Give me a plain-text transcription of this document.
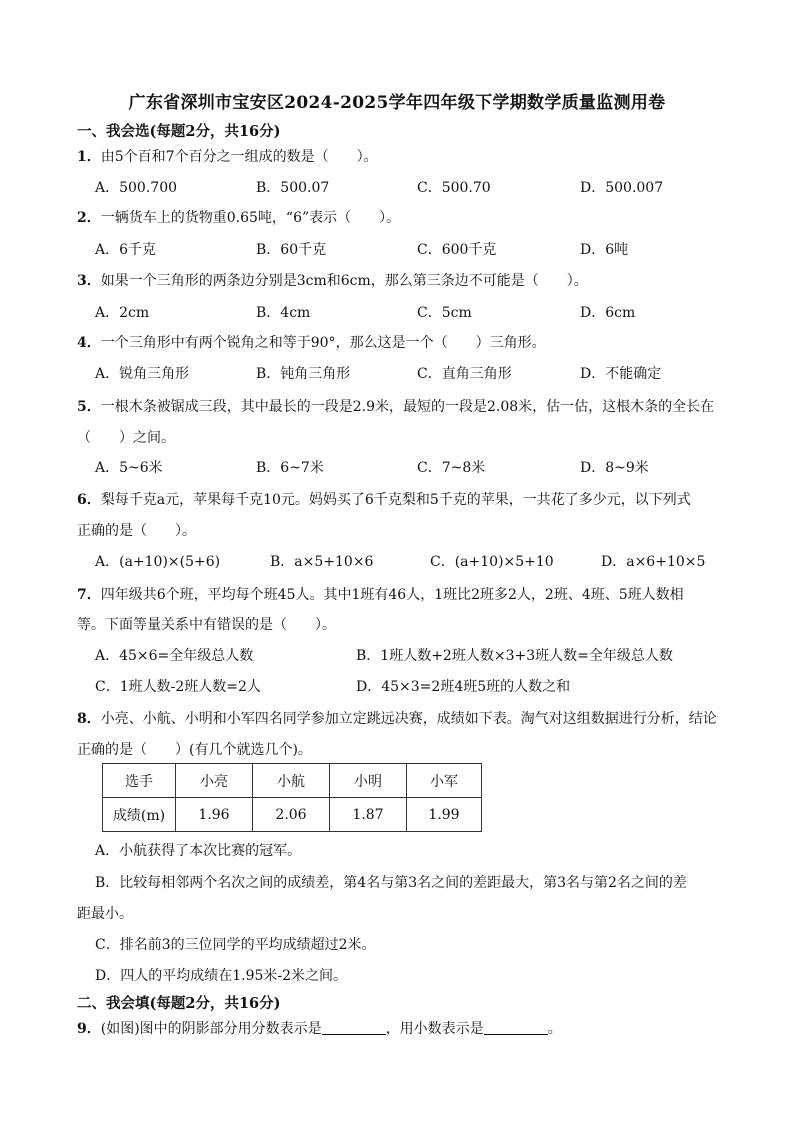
广东省深圳市宝安区2024-2025学年四年级下学期数学质量监测用卷
一、我会选(每题2分，共16分)
1．由5个百和7个百分之一组成的数是（　　）。
A．500.700	B．500.07	C．500.70	D．500.007
2．一辆货车上的货物重0.65吨，“6”表示（　　）。
A．6千克	B．60千克	C．600千克	D．6吨
3．如果一个三角形的两条边分别是3cm和6cm，那么第三条边不可能是（　　）。
A．2cm	B．4cm	C．5cm	D．6cm
4．一个三角形中有两个锐角之和等于90°，那么这是一个（　　）三角形。
A．锐角三角形	B．钝角三角形	C．直角三角形	D．不能确定
5．一根木条被锯成三段，其中最长的一段是2.9米，最短的一段是2.08米，估一估，这根木条的全长在
（　　）之间。
A．5~6米	B．6~7米	C．7~8米	D．8~9米
6．梨每千克a元，苹果每千克10元。妈妈买了6千克梨和5千克的苹果，一共花了多少元，以下列式
正确的是（　　）。
A．(a+10)×(5+6)	B．a×5+10×6	C．(a+10)×5+10	D．a×6+10×5
7．四年级共6个班，平均每个班45人。其中1班有46人，1班比2班多2人，2班、4班、5班人数相
等。下面等量关系中有错误的是（　　）。
A．45×6=全年级总人数	B．1班人数+2班人数×3+3班人数=全年级总人数
C．1班人数-2班人数=2人	D．45×3=2班4班5班的人数之和
8．小亮、小航、小明和小军四名同学参加立定跳远决赛，成绩如下表。淘气对这组数据进行分析，结论
正确的是（　　）(有几个就选几个)。
选手	小亮	小航	小明	小军
成绩(m)	1.96	2.06	1.87	1.99
A．小航获得了本次比赛的冠军。
B．比较每相邻两个名次之间的成绩差，第4名与第3名之间的差距最大，第3名与第2名之间的差
距最小。
C．排名前3的三位同学的平均成绩超过2米。
D．四人的平均成绩在1.95米-2米之间。
二、我会填(每题2分，共16分)
9．(如图)图中的阴影部分用分数表示是	，用小数表示是	。
